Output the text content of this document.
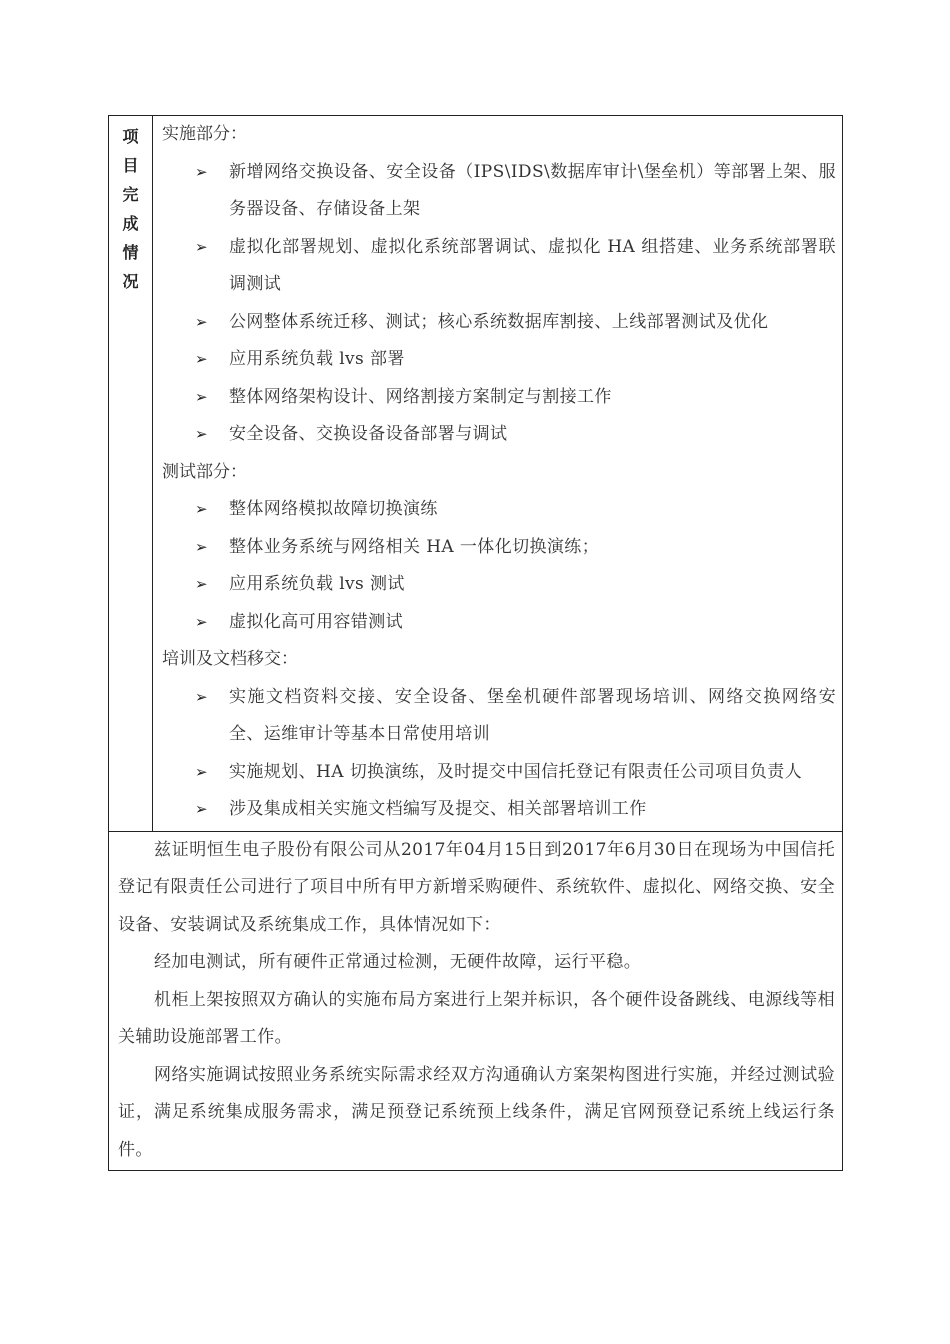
项
目
完
成
情
况
实施部分：
➢	新增网络交换设备、安全设备（IPS\IDS\数据库审计\堡垒机）等部署上架、服务器设备、存储设备上架
➢	虚拟化部署规划、虚拟化系统部署调试、虚拟化 HA 组搭建、业务系统部署联调测试
➢	公网整体系统迁移、测试；核心系统数据库割接、上线部署测试及优化
➢	应用系统负载 lvs 部署
➢	整体网络架构设计、网络割接方案制定与割接工作
➢	安全设备、交换设备设备部署与调试
测试部分：
➢	整体网络模拟故障切换演练
➢	整体业务系统与网络相关 HA 一体化切换演练；
➢	应用系统负载 lvs 测试
➢	虚拟化高可用容错测试
培训及文档移交：
➢	实施文档资料交接、安全设备、堡垒机硬件部署现场培训、网络交换网络安全、运维审计等基本日常使用培训
➢	实施规划、HA 切换演练，及时提交中国信托登记有限责任公司项目负责人
➢	涉及集成相关实施文档编写及提交、相关部署培训工作

兹证明恒生电子股份有限公司从2017年04月15日到2017年6月30日在现场为中国信托登记有限责任公司进行了项目中所有甲方新增采购硬件、系统软件、虚拟化、网络交换、安全设备、安装调试及系统集成工作，具体情况如下：

经加电测试，所有硬件正常通过检测，无硬件故障，运行平稳。

机柜上架按照双方确认的实施布局方案进行上架并标识，各个硬件设备跳线、电源线等相关辅助设施部署工作。

网络实施调试按照业务系统实际需求经双方沟通确认方案架构图进行实施，并经过测试验证，满足系统集成服务需求，满足预登记系统预上线条件，满足官网预登记系统上线运行条件。
